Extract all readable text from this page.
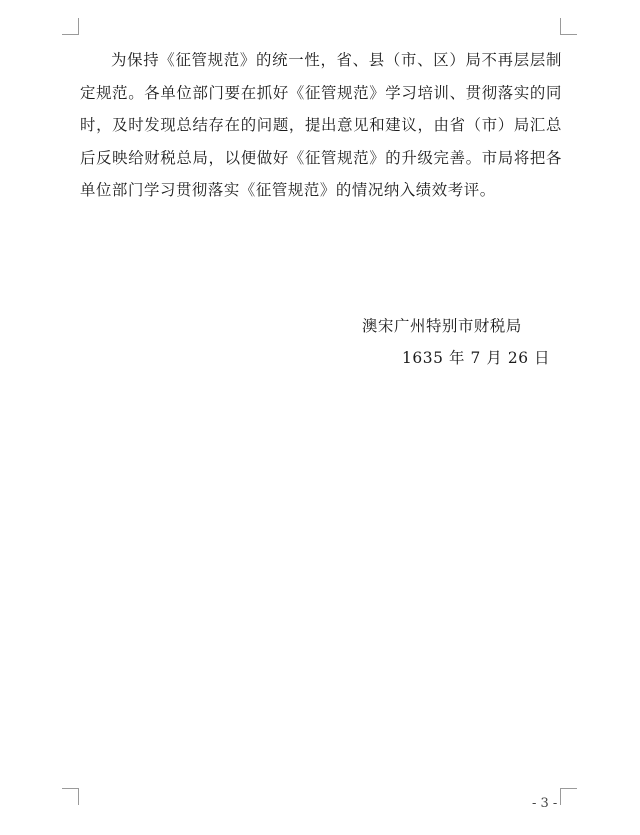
为保持《征管规范》的统一性，省、县（市、区）局不再层层制定规范。各单位部门要在抓好《征管规范》学习培训、贯彻落实的同时，及时发现总结存在的问题，提出意见和建议，由省（市）局汇总后反映给财税总局，以便做好《征管规范》的升级完善。市局将把各单位部门学习贯彻落实《征管规范》的情况纳入绩效考评。

澳宋广州特别市财税局
1635 年 7 月 26 日
- 3 -
